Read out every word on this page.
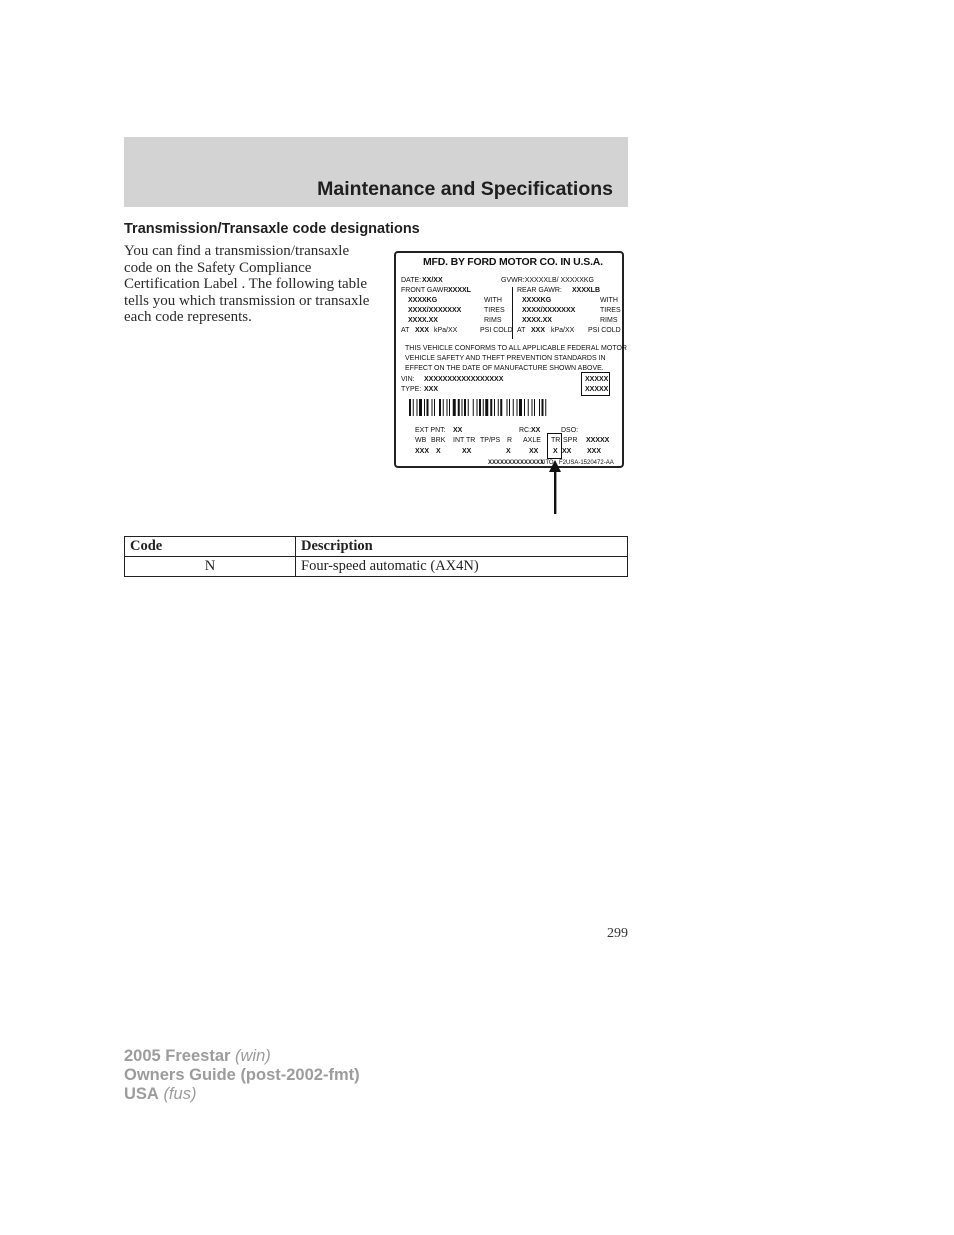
Maintenance and Specifications
Transmission/Transaxle code designations
You can find a transmission/transaxle code on the Safety Compliance Certification Label . The following table tells you which transmission or transaxle each code represents.
MFD. BY FORD MOTOR CO. IN U.S.A.
DATE: XX/XX	GVWR:XXXXXLB/ XXXXXKG
FRONT GAWR:
XXXXL	REAR GAWR: XXXXLB
XXXXKG	WITH	XXXXKG	WITH
XXXX/XXXXXXX	TIRES XXXX/XXXXXXX	TIRES
XXXX.XX	RIMS	XXXX.XX	RIMS
AT XXX kPa/XX	PSI COLD AT XXX kPa/XX PSI COLD
THIS VEHICLE CONFORMS TO ALL APPLICABLE FEDERAL MOTOR
VEHICLE SAFETY AND THEFT PREVENTION STANDARDS IN
EFFECT ON THE DATE OF MANUFACTURE SHOWN ABOVE.
VIN: XXXXXXXXXXXXXXXXX
TYPE: XXX
XXXXX
XXXXX
EXT PNT: XX	RC: XX	DSO:
WB BRK INT TR TP/PS R AXLE TR SPR XXXXX
XXX X	XX	X	XX X XX XXX
XXXXXXXXXXXXXX
UTO F2USA-1520472-AA
Code	Description
N	Four-speed automatic (AX4N)
299
2005 Freestar (win)
Owners Guide (post-2002-fmt)
USA (fus)
